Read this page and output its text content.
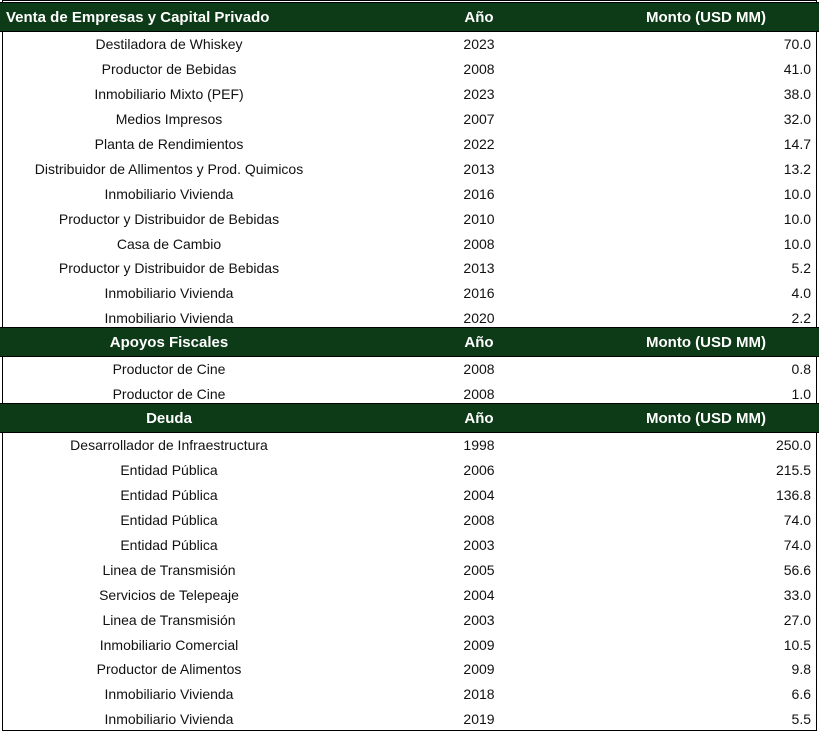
Venta de Empresas y Capital Privado	Año	Monto (USD MM)
Destiladora de Whiskey	2023	70.0
Productor de Bebidas	2008	41.0
Inmobiliario Mixto (PEF)	2023	38.0
Medios Impresos	2007	32.0
Planta de Rendimientos	2022	14.7
Distribuidor de Allimentos y Prod. Quimicos	2013	13.2
Inmobiliario Vivienda	2016	10.0
Productor y Distribuidor de Bebidas	2010	10.0
Casa de Cambio	2008	10.0
Productor y Distribuidor de Bebidas	2013	5.2
Inmobiliario Vivienda	2016	4.0
Inmobiliario Vivienda	2020	2.2
Apoyos Fiscales	Año	Monto (USD MM)
Productor de Cine	2008	0.8
Productor de Cine	2008	1.0
Deuda	Año	Monto (USD MM)
Desarrollador de Infraestructura	1998	250.0
Entidad Pública	2006	215.5
Entidad Pública	2004	136.8
Entidad Pública	2008	74.0
Entidad Pública	2003	74.0
Linea de Transmisión	2005	56.6
Servicios de Telepeaje	2004	33.0
Linea de Transmisión	2003	27.0
Inmobiliario Comercial	2009	10.5
Productor de Alimentos	2009	9.8
Inmobiliario Vivienda	2018	6.6
Inmobiliario Vivienda	2019	5.5
